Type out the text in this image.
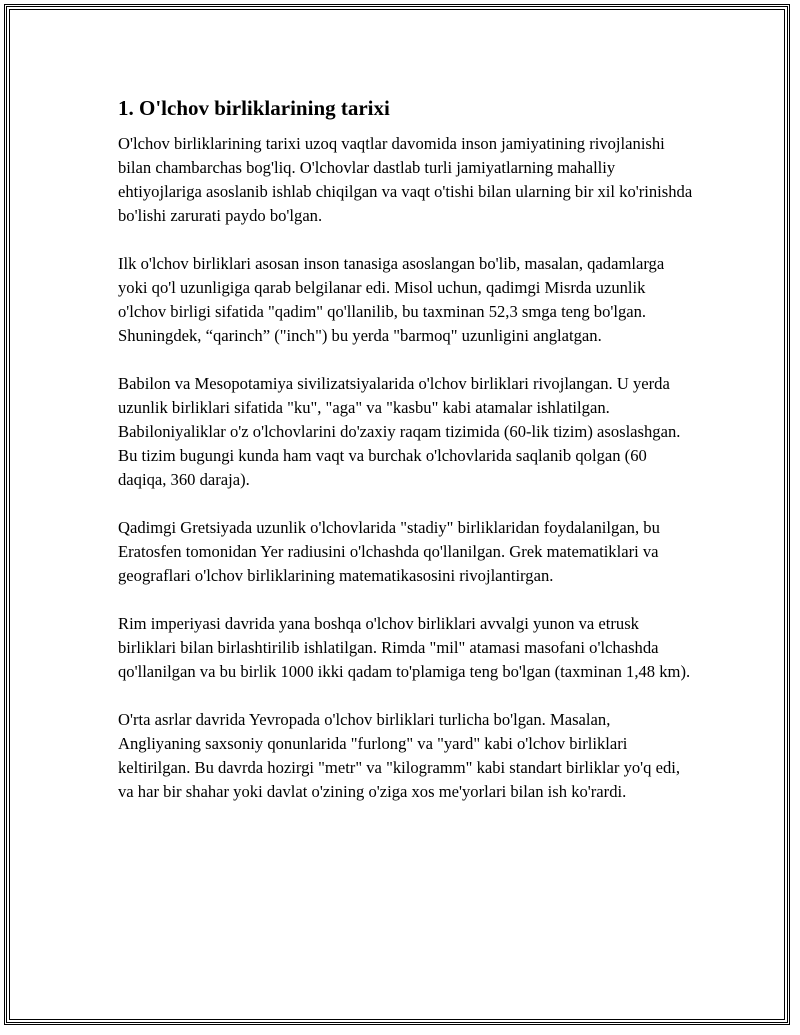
1. O'lchov birliklarining tarixi

O'lchov birliklarining tarixi uzoq vaqtlar davomida inson jamiyatining rivojlanishi bilan chambarchas bog'liq. O'lchovlar dastlab turli jamiyatlarning mahalliy ehtiyojlariga asoslanib ishlab chiqilgan va vaqt o'tishi bilan ularning bir xil ko'rinishda bo'lishi zarurati paydo bo'lgan.

Ilk o'lchov birliklari asosan inson tanasiga asoslangan bo'lib, masalan, qadamlarga yoki qo'l uzunligiga qarab belgilanar edi. Misol uchun, qadimgi Misrda uzunlik o'lchov birligi sifatida "qadim" qo'llanilib, bu taxminan 52,3 smga teng bo'lgan. Shuningdek, “qarinch” ("inch") bu yerda "barmoq" uzunligini anglatgan.

Babilon va Mesopotamiya sivilizatsiyalarida o'lchov birliklari rivojlangan. U yerda uzunlik birliklari sifatida "ku", "aga" va "kasbu" kabi atamalar ishlatilgan. Babiloniyaliklar o'z o'lchovlarini do'zaxiy raqam tizimida (60-lik tizim) asoslashgan. Bu tizim bugungi kunda ham vaqt va burchak o'lchovlarida saqlanib qolgan (60 daqiqa, 360 daraja).

Qadimgi Gretsiyada uzunlik o'lchovlarida "stadiy" birliklaridan foydalanilgan, bu Eratosfen tomonidan Yer radiusini o'lchashda qo'llanilgan. Grek matematiklari va geograflari o'lchov birliklarining matematikasosini rivojlantirgan.

Rim imperiyasi davrida yana boshqa o'lchov birliklari avvalgi yunon va etrusk birliklari bilan birlashtirilib ishlatilgan. Rimda "mil" atamasi masofani o'lchashda qo'llanilgan va bu birlik 1000 ikki qadam to'plamiga teng bo'lgan (taxminan 1,48 km).

O'rta asrlar davrida Yevropada o'lchov birliklari turlicha bo'lgan. Masalan, Angliyaning saxsoniy qonunlarida "furlong" va "yard" kabi o'lchov birliklari keltirilgan. Bu davrda hozirgi "metr" va "kilogramm" kabi standart birliklar yo'q edi, va har bir shahar yoki davlat o'zining o'ziga xos me'yorlari bilan ish ko'rardi.
